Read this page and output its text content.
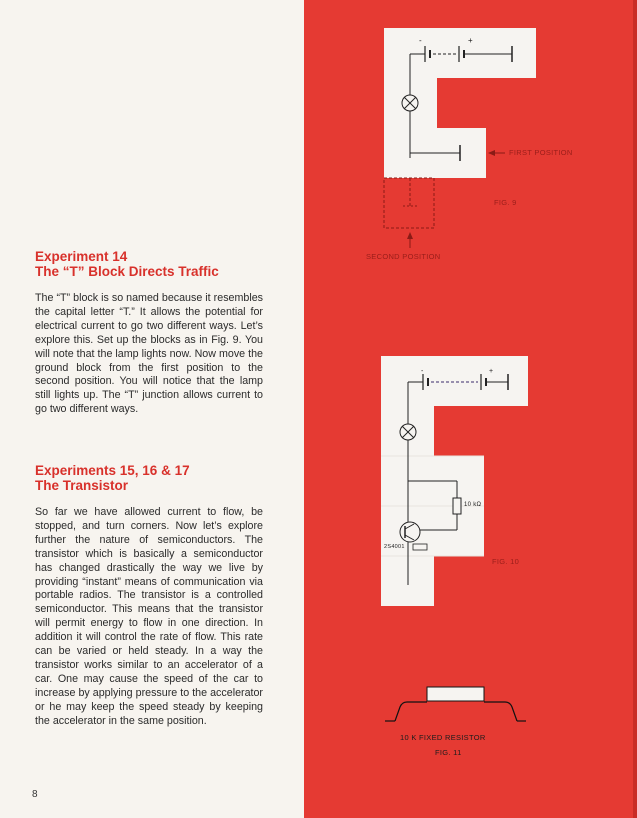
Experiment 14
The “T” Block Directs Traffic
The “T” block is so named because it resembles the capital letter “T.” It allows the potential for electrical current to go two different ways. Let’s explore this. Set up the blocks as in Fig. 9. You will note that the lamp lights now. Now move the ground block from the first position to the second position. You will notice that the lamp still lights up. The “T” junction allows current to go two different ways.
Experiments 15, 16 & 17
The Transistor
So far we have allowed current to flow, be stopped, and turn corners. Now let’s explore further the nature of semiconductors. The transistor which is basically a semiconductor has changed drastically the way we live by providing “instant” means of communication via portable radios. The transistor is a controlled semiconductor. This means that the transistor will permit energy to flow in one direction. In addition it will control the rate of flow. This rate can be varied or held steady. In a way the transistor works similar to an accelerator of a car. One may cause the speed of the car to increase by applying pressure to the accelerator or he may keep the speed steady by keeping the accelerator in the same position.
8
-	+
FIRST POSITION
FIG. 9
SECOND POSITION
-	+
10 kΩ
2S4001
FIG. 10
10 K FIXED RESISTOR
FIG. 11
